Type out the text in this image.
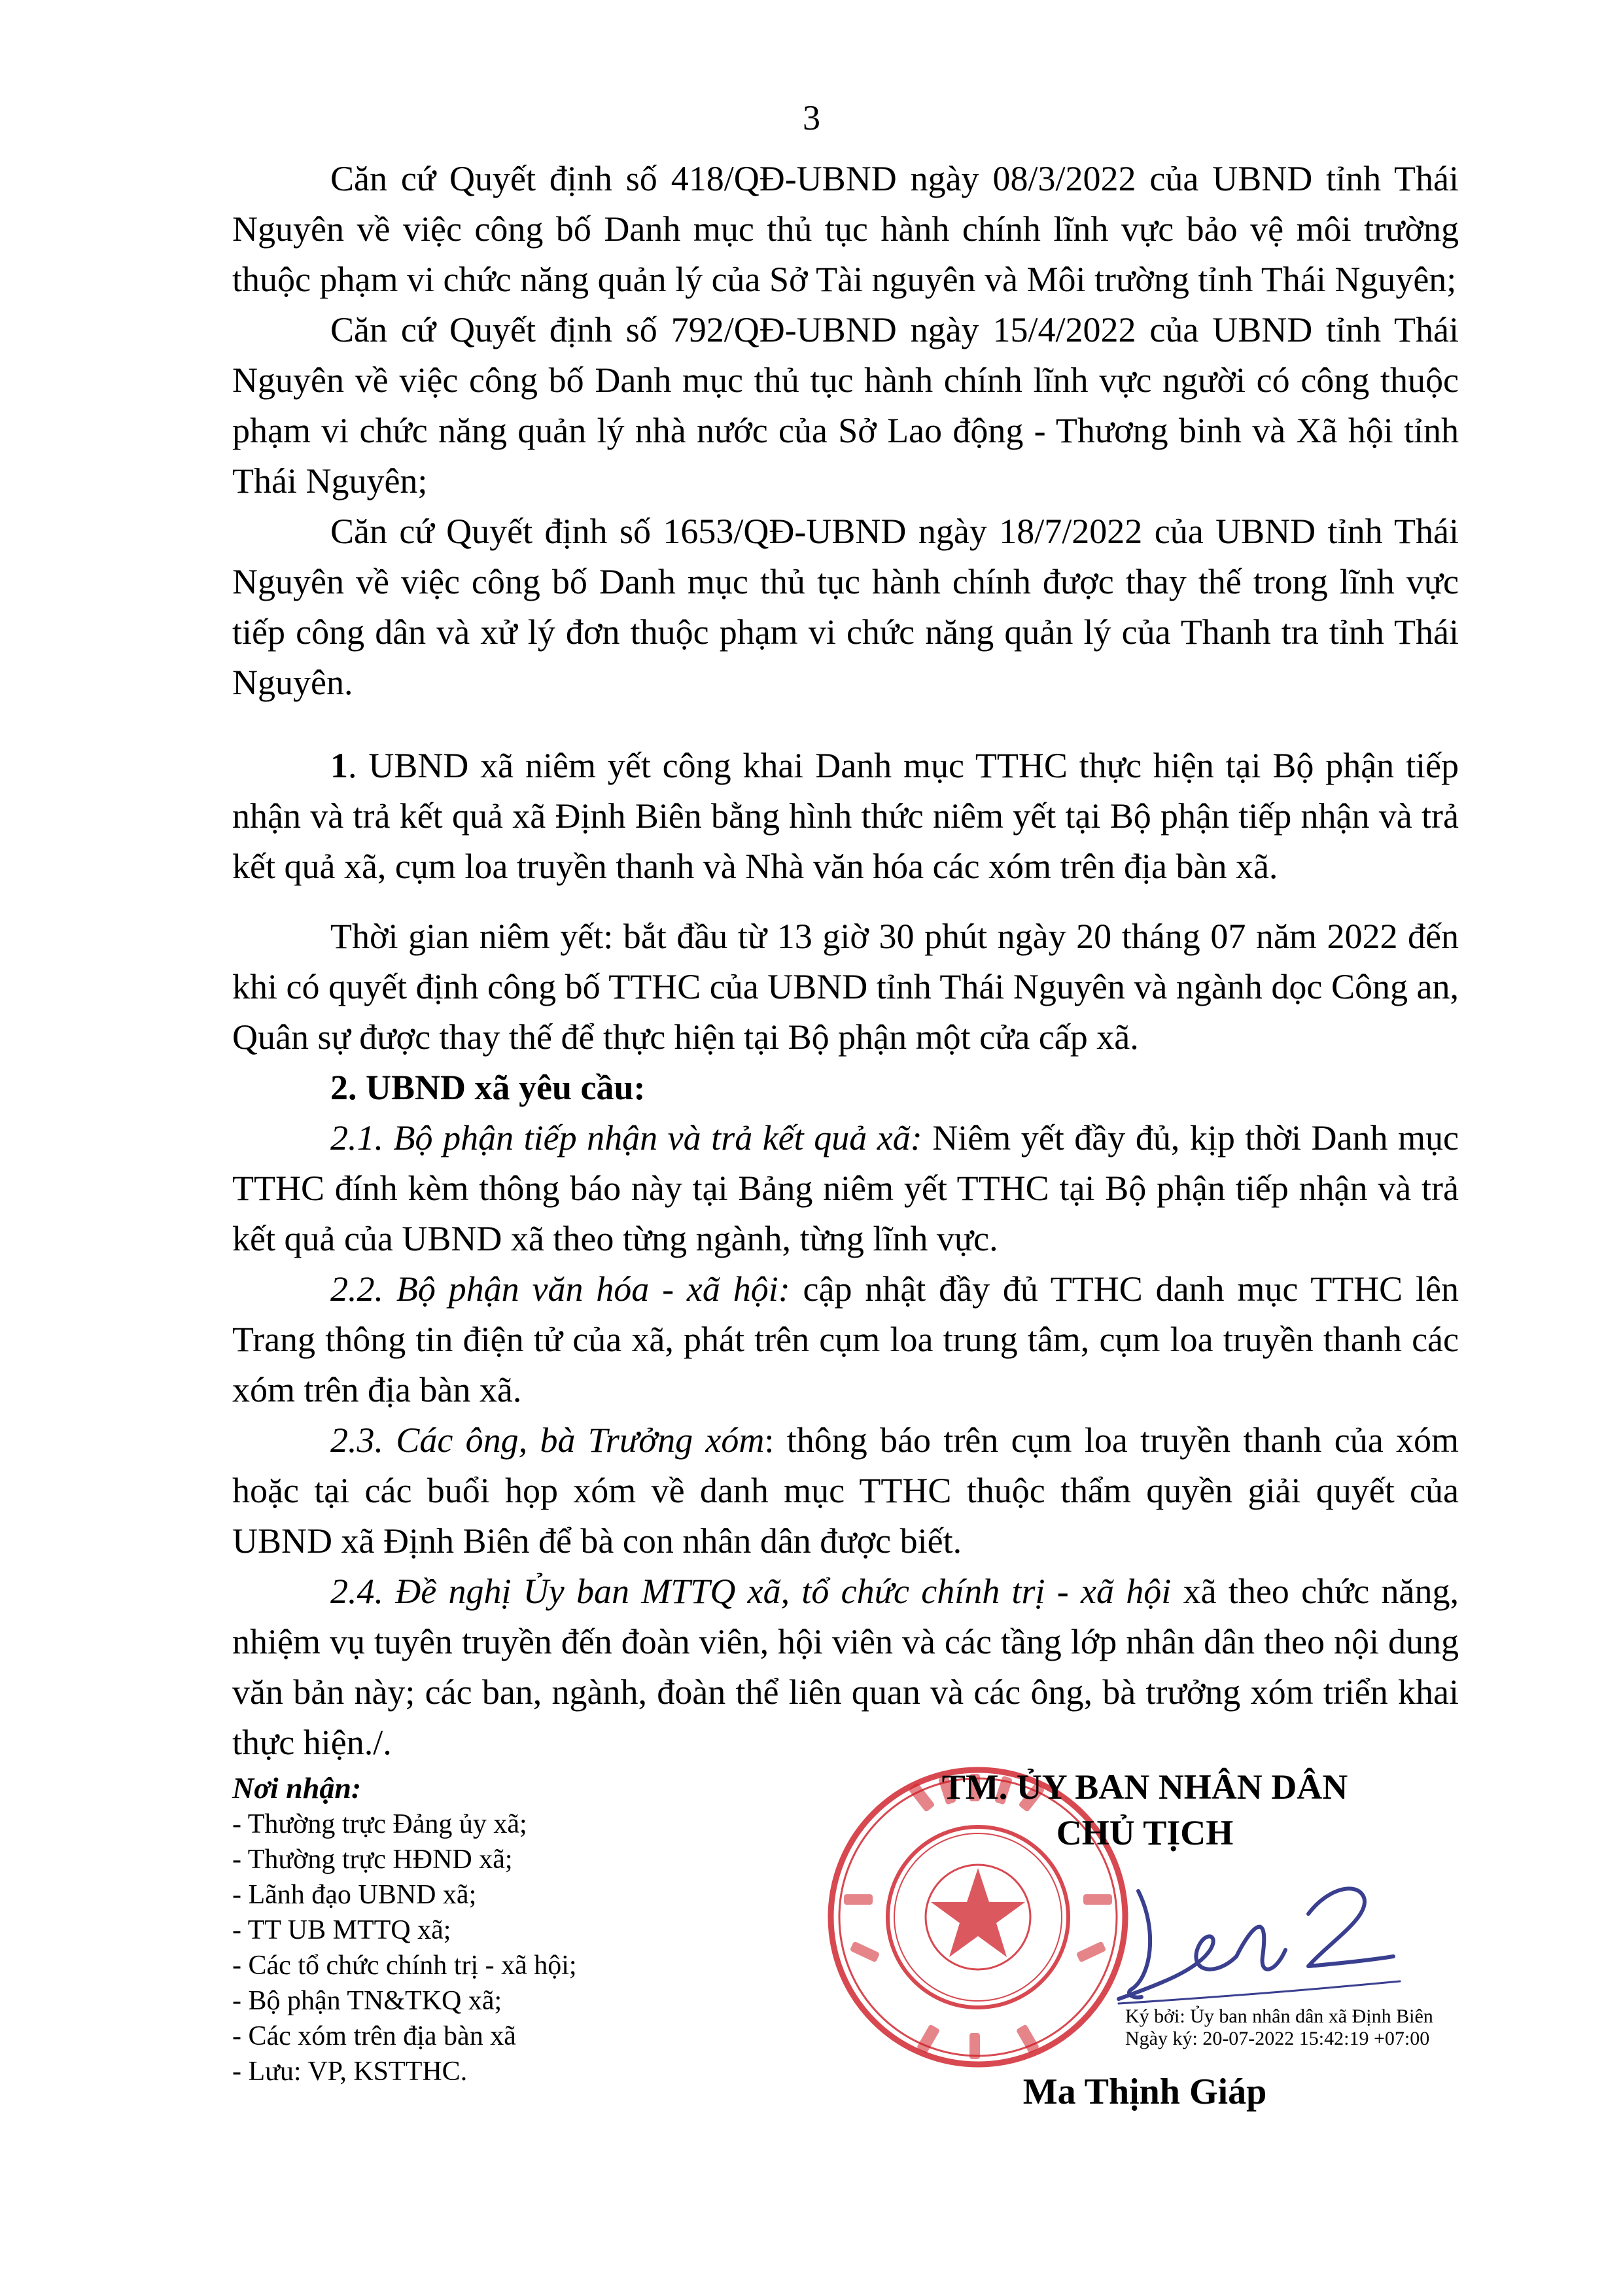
3

Căn cứ Quyết định số 418/QĐ-UBND ngày 08/3/2022 của UBND tỉnh Thái Nguyên về việc công bố Danh mục thủ tục hành chính lĩnh vực bảo vệ môi trường thuộc phạm vi chức năng quản lý của Sở Tài nguyên và Môi trường tỉnh Thái Nguyên;

Căn cứ Quyết định số 792/QĐ-UBND ngày 15/4/2022 của UBND tỉnh Thái Nguyên về việc công bố Danh mục thủ tục hành chính lĩnh vực người có công thuộc phạm vi chức năng quản lý nhà nước của Sở Lao động - Thương binh và Xã hội tỉnh Thái Nguyên;

Căn cứ Quyết định số 1653/QĐ-UBND ngày 18/7/2022 của UBND tỉnh Thái Nguyên về việc công bố Danh mục thủ tục hành chính được thay thế trong lĩnh vực tiếp công dân và xử lý đơn thuộc phạm vi chức năng quản lý của Thanh tra tỉnh Thái Nguyên.

1. UBND xã niêm yết công khai Danh mục TTHC thực hiện tại Bộ phận tiếp nhận và trả kết quả xã Định Biên bằng hình thức niêm yết tại Bộ phận tiếp nhận và trả kết quả xã, cụm loa truyền thanh và Nhà văn hóa các xóm trên địa bàn xã.

Thời gian niêm yết: bắt đầu từ 13 giờ 30 phút ngày 20 tháng 07 năm 2022 đến khi có quyết định công bố TTHC của UBND tỉnh Thái Nguyên và ngành dọc Công an, Quân sự được thay thế để thực hiện tại Bộ phận một cửa cấp xã.

2. UBND xã yêu cầu:

2.1. Bộ phận tiếp nhận và trả kết quả xã: Niêm yết đầy đủ, kịp thời Danh mục TTHC đính kèm thông báo này tại Bảng niêm yết TTHC tại Bộ phận tiếp nhận và trả kết quả của UBND xã theo từng ngành, từng lĩnh vực.

2.2. Bộ phận văn hóa - xã hội: cập nhật đầy đủ TTHC danh mục TTHC lên Trang thông tin điện tử của xã, phát trên cụm loa trung tâm, cụm loa truyền thanh các xóm trên địa bàn xã.

2.3. Các ông, bà Trưởng xóm: thông báo trên cụm loa truyền thanh của xóm hoặc tại các buổi họp xóm về danh mục TTHC thuộc thẩm quyền giải quyết của UBND xã Định Biên để bà con nhân dân được biết.

2.4. Đề nghị Ủy ban MTTQ xã, tổ chức chính trị - xã hội xã theo chức năng, nhiệm vụ tuyên truyền đến đoàn viên, hội viên và các tầng lớp nhân dân theo nội dung văn bản này; các ban, ngành, đoàn thể liên quan và các ông, bà trưởng xóm triển khai thực hiện./.

Nơi nhận:
- Thường trực Đảng ủy xã;
- Thường trực HĐND xã;
- Lãnh đạo UBND xã;
- TT UB MTTQ xã;
- Các tổ chức chính trị - xã hội;
- Bộ phận TN&TKQ xã;
- Các xóm trên địa bàn xã
- Lưu: VP, KSTTHC.
TM. ỦY BAN NHÂN DÂN
CHỦ TỊCH
Ký bởi: Ủy ban nhân dân xã Định Biên
Ngày ký: 20-07-2022 15:42:19 +07:00
Ma Thịnh Giáp
